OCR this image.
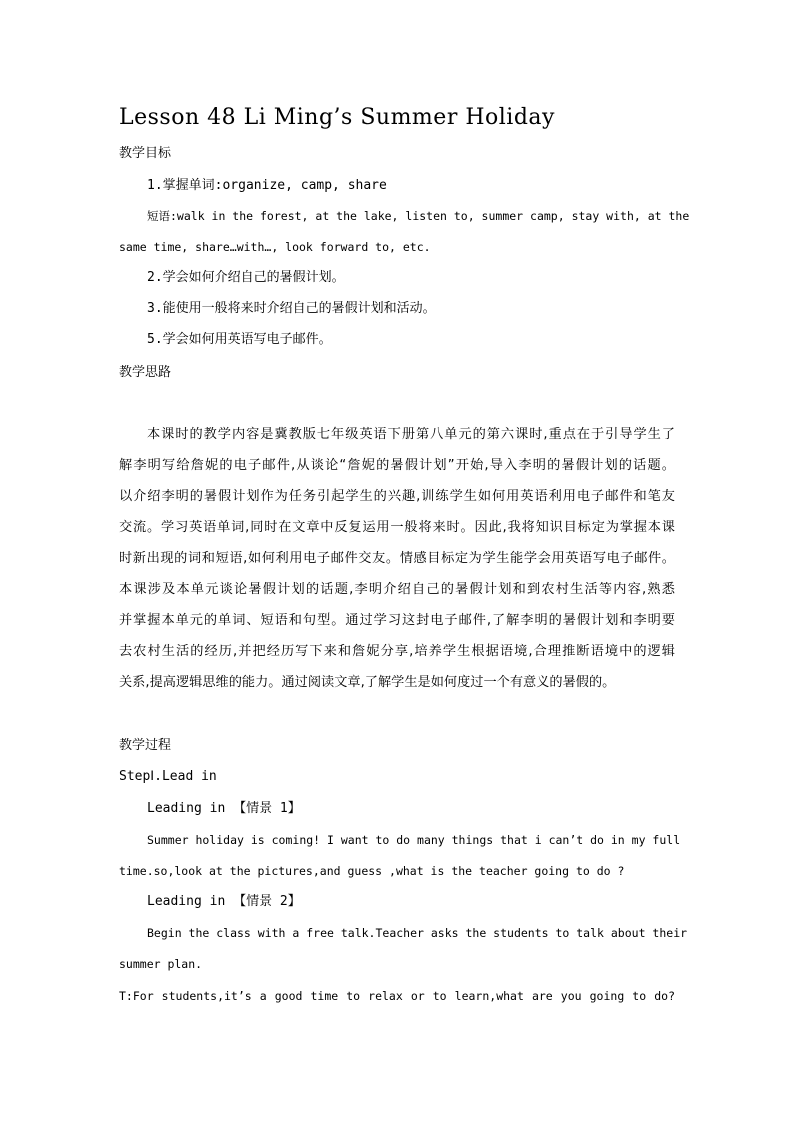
Lesson 48 Li Ming’s Summer Holiday
教学目标
1.掌握单词:organize, camp, share
短语:walk in the forest, at the lake, listen to, summer camp, stay with, at the
same time, share…with…, look forward to, etc.
2.学会如何介绍自己的暑假计划。
3.能使用一般将来时介绍自己的暑假计划和活动。
5.学会如何用英语写电子邮件。
教学思路
本课时的教学内容是冀教版七年级英语下册第八单元的第六课时,重点在于引导学生了
解李明写给詹妮的电子邮件,从谈论“詹妮的暑假计划”开始,导入李明的暑假计划的话题。
以介绍李明的暑假计划作为任务引起学生的兴趣,训练学生如何用英语利用电子邮件和笔友
交流。学习英语单词,同时在文章中反复运用一般将来时。因此,我将知识目标定为掌握本课
时新出现的词和短语,如何利用电子邮件交友。情感目标定为学生能学会用英语写电子邮件。
本课涉及本单元谈论暑假计划的话题,李明介绍自己的暑假计划和到农村生活等内容,熟悉
并掌握本单元的单词、短语和句型。通过学习这封电子邮件,了解李明的暑假计划和李明要
去农村生活的经历,并把经历写下来和詹妮分享,培养学生根据语境,合理推断语境中的逻辑
关系,提高逻辑思维的能力。通过阅读文章,了解学生是如何度过一个有意义的暑假的。
教学过程
StepⅠ.Lead in
Leading in 【情景 1】
Summer holiday is coming! I want to do many things that i can’t do in my full
time.so,look at the pictures,and guess ,what is the teacher going to do ?
Leading in 【情景 2】
Begin the class with a free talk.Teacher asks the students to talk about their
summer plan.
T:For students,it’s a good time to relax or to learn,what are you going to do?
